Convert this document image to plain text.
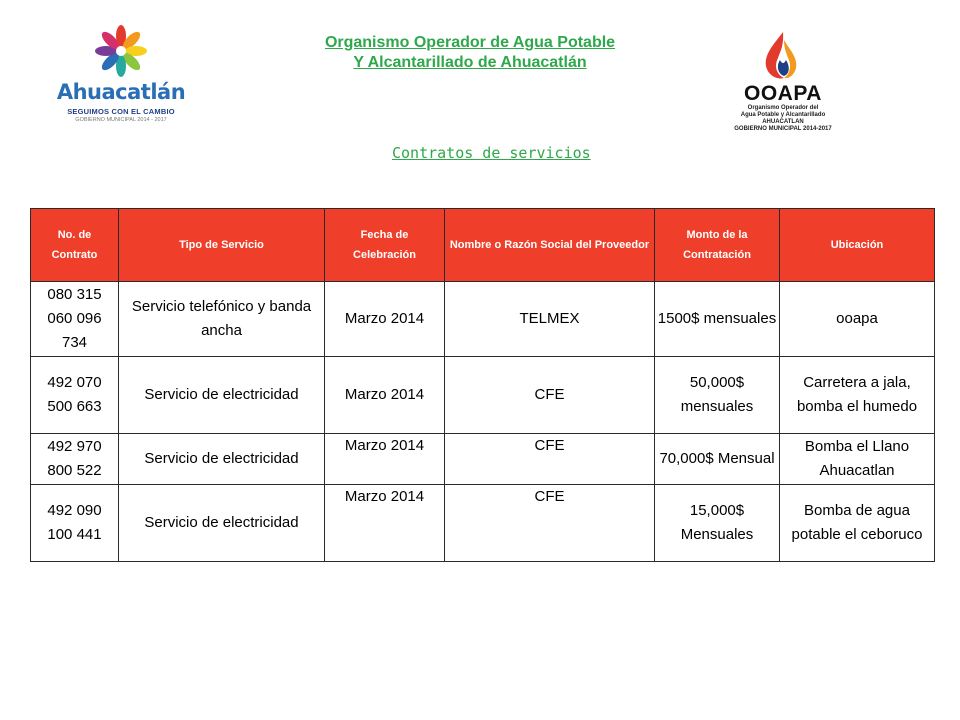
Ahuacatlán
SEGUIMOS CON EL CAMBIO
GOBIERNO MUNICIPAL 2014 - 2017
Organismo Operador de Agua Potable
Y Alcantarillado de Ahuacatlán
OOAPA
Organismo Operador del
Agua Potable y Alcantarillado
AHUACATLAN
GOBIERNO MUNICIPAL 2014-2017
Contratos de servicios
No. de Contrato	Tipo de Servicio	Fecha de Celebración	Nombre o Razón Social del Proveedor	Monto de la Contratación	Ubicación
080 315 060 096 734	Servicio telefónico y banda ancha	Marzo 2014	TELMEX	1500$ mensuales	ooapa
492 070 500 663	Servicio de electricidad	Marzo 2014	CFE	50,000$ mensuales	Carretera a jala, bomba el humedo
492 970 800 522	Servicio de electricidad	Marzo 2014	CFE	70,000$ Mensual	Bomba el Llano Ahuacatlan
492 090 100 441	Servicio de electricidad	Marzo 2014	CFE	15,000$ Mensuales	Bomba de agua potable el ceboruco
